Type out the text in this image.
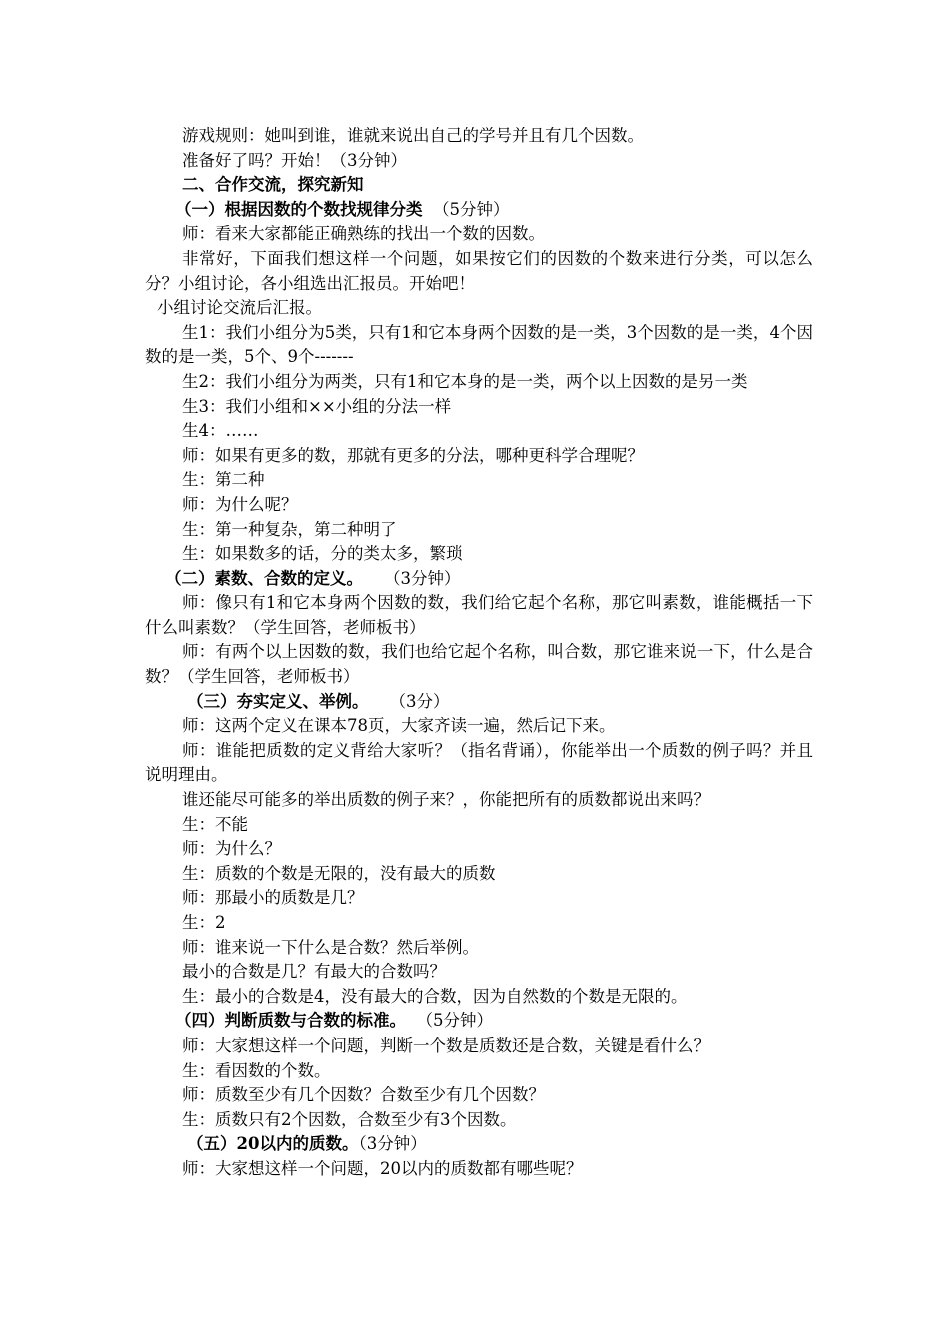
游戏规则：她叫到谁，谁就来说出自己的学号并且有几个因数。
准备好了吗？开始！（3分钟）
二、合作交流，探究新知
（一）根据因数的个数找规律分类 （5分钟）
师：看来大家都能正确熟练的找出一个数的因数。
非常好，下面我们想这样一个问题，如果按它们的因数的个数来进行分类，可以怎么分？小组讨论，各小组选出汇报员。开始吧！
小组讨论交流后汇报。
生1：我们小组分为5类，只有1和它本身两个因数的是一类，3个因数的是一类，4个因数的是一类，5个、9个-------
生2：我们小组分为两类，只有1和它本身的是一类，两个以上因数的是另一类
生3：我们小组和××小组的分法一样
生4：……
师：如果有更多的数，那就有更多的分法，哪种更科学合理呢？
生：第二种
师：为什么呢？
生：第一种复杂，第二种明了
生：如果数多的话，分的类太多，繁琐
（二）素数、合数的定义。 （3分钟）
师：像只有1和它本身两个因数的数，我们给它起个名称，那它叫素数，谁能概括一下什么叫素数？（学生回答，老师板书）
师：有两个以上因数的数，我们也给它起个名称，叫合数，那它谁来说一下，什么是合数？（学生回答，老师板书）
（三）夯实定义、举例。 （3分）
师：这两个定义在课本78页，大家齐读一遍，然后记下来。
师：谁能把质数的定义背给大家听？（指名背诵），你能举出一个质数的例子吗？并且说明理由。
谁还能尽可能多的举出质数的例子来？，你能把所有的质数都说出来吗？
生：不能
师：为什么？
生：质数的个数是无限的，没有最大的质数
师：那最小的质数是几？
生：2
师：谁来说一下什么是合数？然后举例。
最小的合数是几？有最大的合数吗？
生：最小的合数是4，没有最大的合数，因为自然数的个数是无限的。
（四）判断质数与合数的标准。 （5分钟）
师：大家想这样一个问题，判断一个数是质数还是合数，关键是看什么？
生：看因数的个数。
师：质数至少有几个因数？合数至少有几个因数？
生：质数只有2个因数，合数至少有3个因数。
（五）20以内的质数。（3分钟）
师：大家想这样一个问题，20以内的质数都有哪些呢？
